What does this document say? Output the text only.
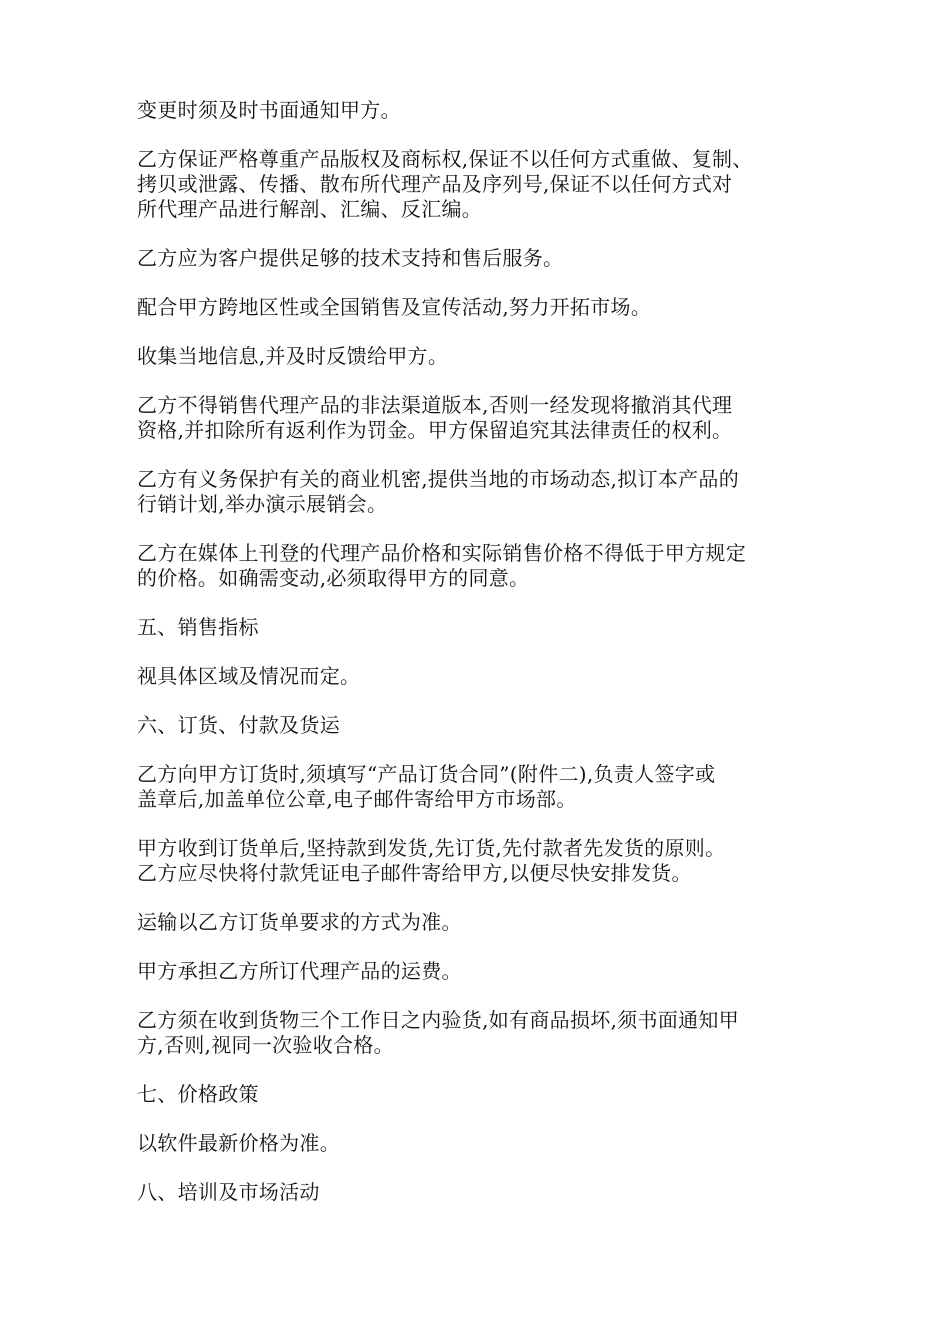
变更时须及时书面通知甲方。

乙方保证严格尊重产品版权及商标权,保证不以任何方式重做、复制、
拷贝或泄露、传播、散布所代理产品及序列号,保证不以任何方式对
所代理产品进行解剖、汇编、反汇编。

乙方应为客户提供足够的技术支持和售后服务。

配合甲方跨地区性或全国销售及宣传活动,努力开拓市场。

收集当地信息,并及时反馈给甲方。

乙方不得销售代理产品的非法渠道版本,否则一经发现将撤消其代理
资格,并扣除所有返利作为罚金。甲方保留追究其法律责任的权利。

乙方有义务保护有关的商业机密,提供当地的市场动态,拟订本产品的
行销计划,举办演示展销会。

乙方在媒体上刊登的代理产品价格和实际销售价格不得低于甲方规定
的价格。如确需变动,必须取得甲方的同意。

五、销售指标

视具体区域及情况而定。

六、订货、付款及货运

乙方向甲方订货时,须填写“产品订货合同”(附件二),负责人签字或
盖章后,加盖单位公章,电子邮件寄给甲方市场部。

甲方收到订货单后,坚持款到发货,先订货,先付款者先发货的原则。
乙方应尽快将付款凭证电子邮件寄给甲方,以便尽快安排发货。

运输以乙方订货单要求的方式为准。

甲方承担乙方所订代理产品的运费。

乙方须在收到货物三个工作日之内验货,如有商品损坏,须书面通知甲
方,否则,视同一次验收合格。

七、价格政策

以软件最新价格为准。

八、培训及市场活动
